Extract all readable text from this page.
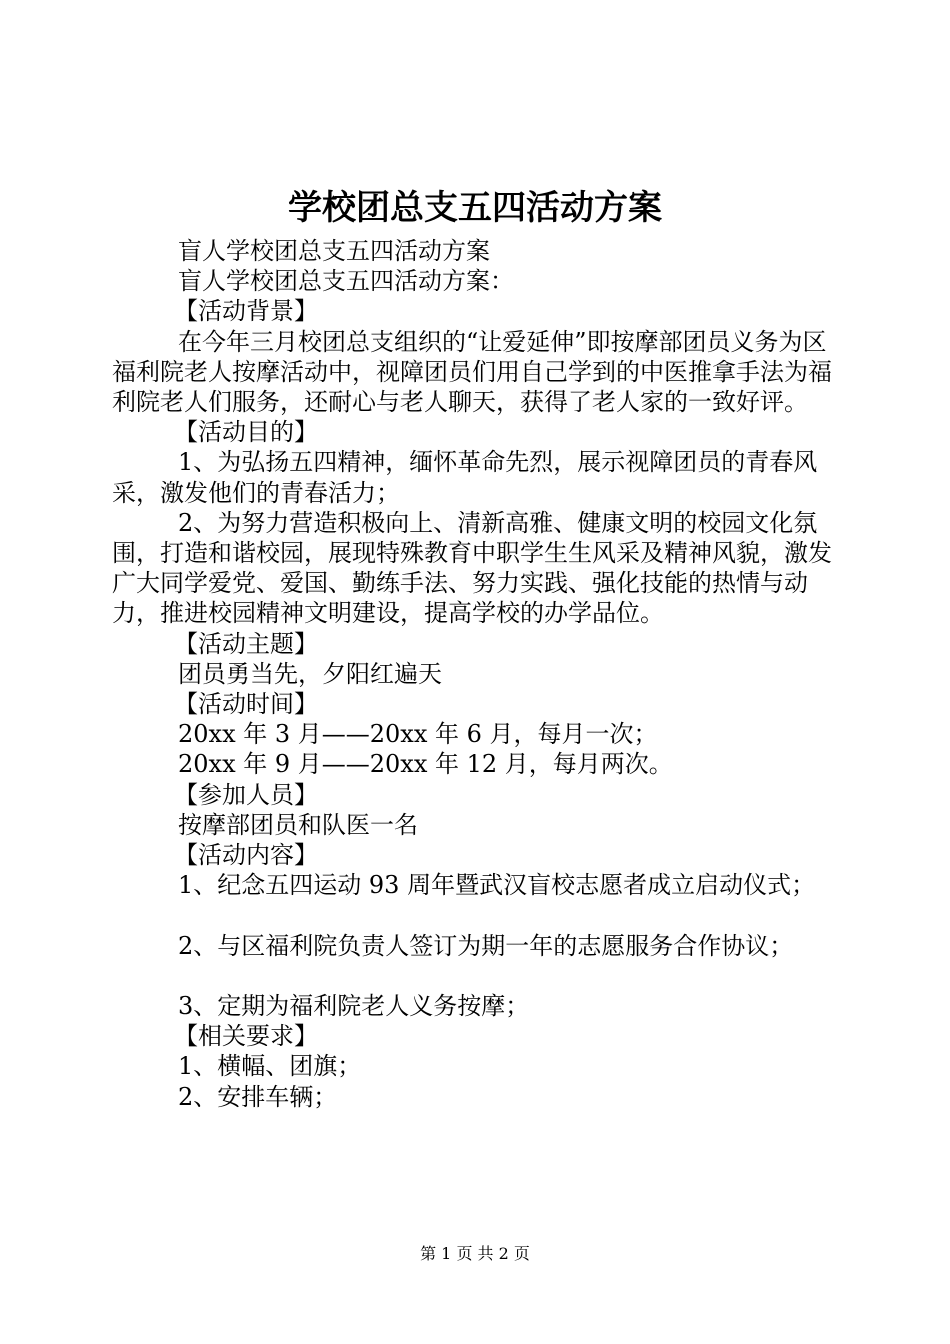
学校团总支五四活动方案

盲人学校团总支五四活动方案

盲人学校团总支五四活动方案：

【活动背景】

在今年三月校团总支组织的“让爱延伸”即按摩部团员义务为区福利院老人按摩活动中，视障团员们用自己学到的中医推拿手法为福利院老人们服务，还耐心与老人聊天，获得了老人家的一致好评。

【活动目的】

1、为弘扬五四精神，缅怀革命先烈，展示视障团员的青春风采，激发他们的青春活力；

2、为努力营造积极向上、清新高雅、健康文明的校园文化氛围，打造和谐校园，展现特殊教育中职学生生风采及精神风貌，激发广大同学爱党、爱国、勤练手法、努力实践、强化技能的热情与动力，推进校园精神文明建设，提高学校的办学品位。

【活动主题】

团员勇当先，夕阳红遍天

【活动时间】

20xx 年 3 月——20xx 年 6 月，每月一次；

20xx 年 9 月——20xx 年 12 月，每月两次。

【参加人员】

按摩部团员和队医一名

【活动内容】

1、纪念五四运动 93 周年暨武汉盲校志愿者成立启动仪式；

2、与区福利院负责人签订为期一年的志愿服务合作协议；

3、定期为福利院老人义务按摩；

【相关要求】

1、横幅、团旗；

2、安排车辆；

第 1 页 共 2 页
